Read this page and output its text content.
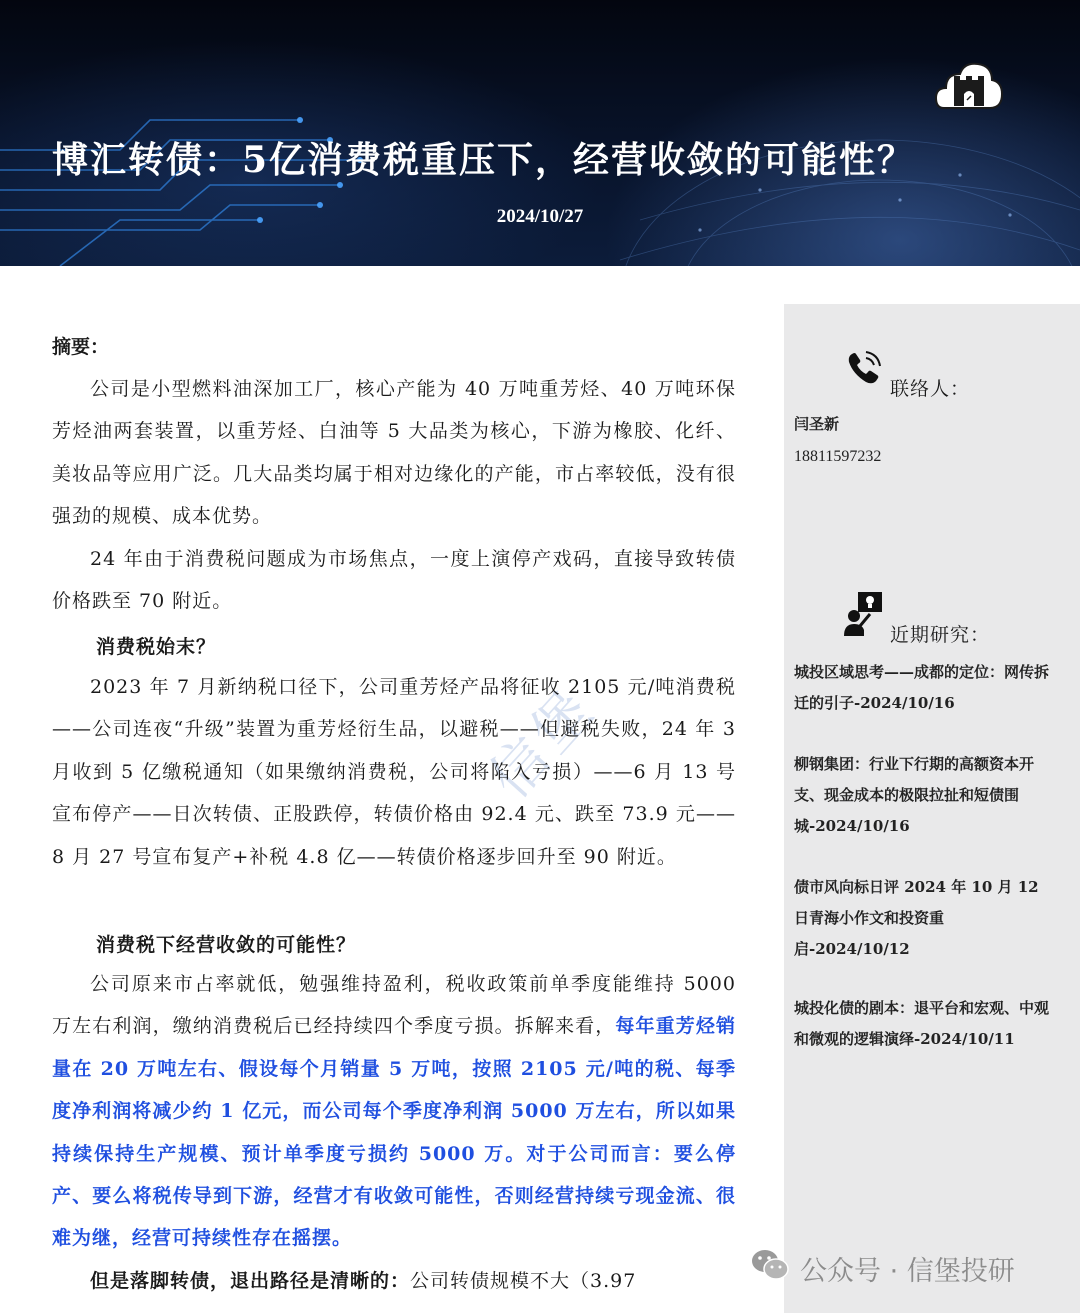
博汇转债：5亿消费税重压下，经营收敛的可能性？
2024/10/27
联络人：
闫圣新
18811597232
近期研究：
城投区域思考——成都的定位：网传拆迁的引子-2024/10/16
柳钢集团：行业下行期的高额资本开支、现金成本的极限拉扯和短债围城-2024/10/16
债市风向标日评 2024 年 10 月 12 日青海小作文和投资重启-2024/10/12
城投化债的剧本：退平台和宏观、中观和微观的逻辑演绎-2024/10/11
信堡
摘要：
公司是小型燃料油深加工厂，核心产能为 40 万吨重芳烃、40 万吨环保芳烃油两套装置，以重芳烃、白油等 5 大品类为核心，下游为橡胶、化纤、美妆品等应用广泛。几大品类均属于相对边缘化的产能，市占率较低，没有很强劲的规模、成本优势。
24 年由于消费税问题成为市场焦点，一度上演停产戏码，直接导致转债价格跌至 70 附近。
消费税始末？
2023 年 7 月新纳税口径下，公司重芳烃产品将征收 2105 元/吨消费税——公司连夜“升级”装置为重芳烃衍生品，以避税——但避税失败，24 年 3 月收到 5 亿缴税通知（如果缴纳消费税，公司将陷入亏损）——6 月 13 号宣布停产——日次转债、正股跌停，转债价格由 92.4 元、跌至 73.9 元——8 月 27 号宣布复产+补税 4.8 亿——转债价格逐步回升至 90 附近。
消费税下经营收敛的可能性？
公司原来市占率就低，勉强维持盈利，税收政策前单季度能维持 5000 万左右利润，缴纳消费税后已经持续四个季度亏损。拆解来看，每年重芳烃销量在 20 万吨左右、假设每个月销量 5 万吨，按照 2105 元/吨的税、每季度净利润将减少约 1 亿元，而公司每个季度净利润 5000 万左右，所以如果持续保持生产规模、预计单季度亏损约 5000 万。对于公司而言：要么停产、要么将税传导到下游，经营才有收敛可能性，否则经营持续亏现金流、很难为继，经营可持续性存在摇摆。
但是落脚转债，退出路径是清晰的：公司转债规模不大（3.97	公众号 · 信堡投研
